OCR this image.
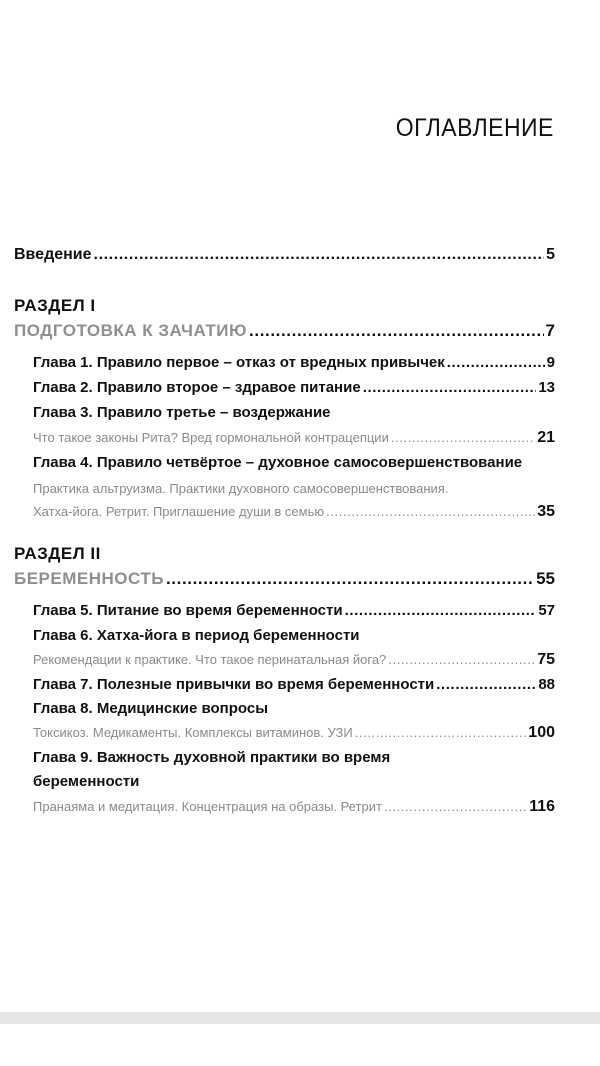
ОГЛАВЛЕНИЕ
Введение .....	5
РАЗДЕЛ I
ПОДГОТОВКА К ЗАЧАТИЮ .....	7
Глава 1. Правило первое – отказ от вредных привычек .....	9
Глава 2. Правило второе – здравое питание .....	13
Глава 3. Правило третье – воздержание
Что такое законы Рита? Вред гормональной контрацепции .....	21
Глава 4. Правило четвёртое – духовное самосовершенствование
Практика альтруизма. Практики духовного самосовершенствования.
Хатха-йога. Ретрит. Приглашение души в семью .....	35
РАЗДЕЛ II
БЕРЕМЕННОСТЬ .....	55
Глава 5. Питание во время беременности .....	57
Глава 6. Хатха-йога в период беременности
Рекомендации к практике. Что такое перинатальная йога? .....	75
Глава 7. Полезные привычки во время беременности .....	88
Глава 8. Медицинские вопросы
Токсикоз. Медикаменты. Комплексы витаминов. УЗИ .....	100
Глава 9. Важность духовной практики во время
беременности
Пранаяма и медитация. Концентрация на образы. Ретрит .....	116
